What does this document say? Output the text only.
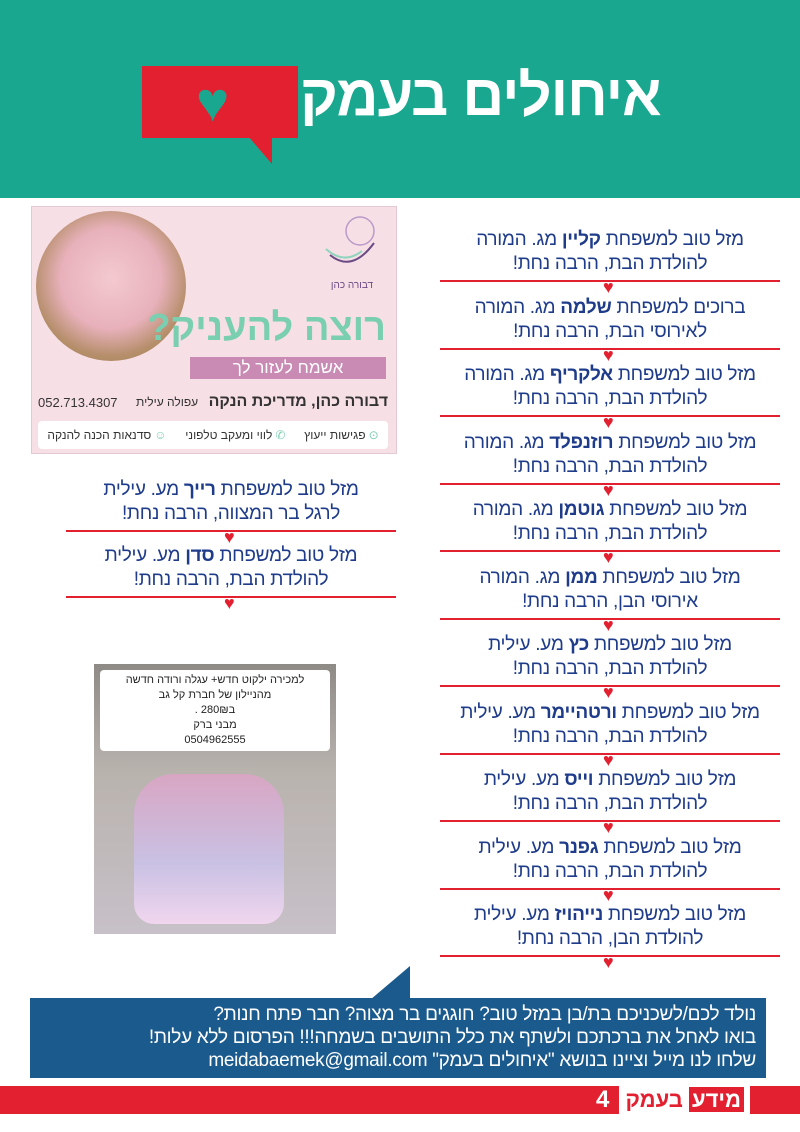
♥ איחולים בעמק
דבורה כהן
רוצה להעניק?
אשמח לעזור לך
דבורה כהן, מדריכת הנקה עפולה עילית
052.713.4307
⊙פגישות ייעוץ
✆לווי ומעקב טלפוני
☺סדנאות הכנה להנקה
למכירה ילקוט חדש+ עגלה ורודה חדשה
מהניילון של חברת קל גב
ב280₪ .
מבני ברק
0504962555
נולד לכם/לשכניכם בת/בן במזל טוב? חוגגים בר מצוה? חבר פתח חנות?
בואו לאחל את ברכתכם ולשתף את כלל התושבים בשמחה!!! הפרסום ללא עלות!
שלחו לנו מייל וציינו בנושא "איחולים בעמק" meidabaemek@gmail.com
מידע בעמק
4
מזל טוב למשפחת קליין מג. המורה
להולדת הבת, הרבה נחת!
♥
ברוכים למשפחת שלמה מג. המורה
לאירוסי הבת, הרבה נחת!
♥
מזל טוב למשפחת אלקריף מג. המורה
להולדת הבת, הרבה נחת!
♥
מזל טוב למשפחת רוזנפלד מג. המורה
להולדת הבת, הרבה נחת!
♥
מזל טוב למשפחת גוטמן מג. המורה
להולדת הבת, הרבה נחת!
♥
מזל טוב למשפחת ממן מג. המורה
אירוסי הבן, הרבה נחת!
♥
מזל טוב למשפחת כץ מע. עילית
להולדת הבת, הרבה נחת!
♥
מזל טוב למשפחת ורטהיימר מע. עילית
להולדת הבת, הרבה נחת!
♥
מזל טוב למשפחת וייס מע. עילית
להולדת הבת, הרבה נחת!
♥
מזל טוב למשפחת גפנר מע. עילית
להולדת הבת, הרבה נחת!
♥
מזל טוב למשפחת נייהויז מע. עילית
להולדת הבן, הרבה נחת!
♥
מזל טוב למשפחת רייך מע. עילית
לרגל בר המצווה, הרבה נחת!
♥
מזל טוב למשפחת סדן מע. עילית
להולדת הבת, הרבה נחת!
♥
